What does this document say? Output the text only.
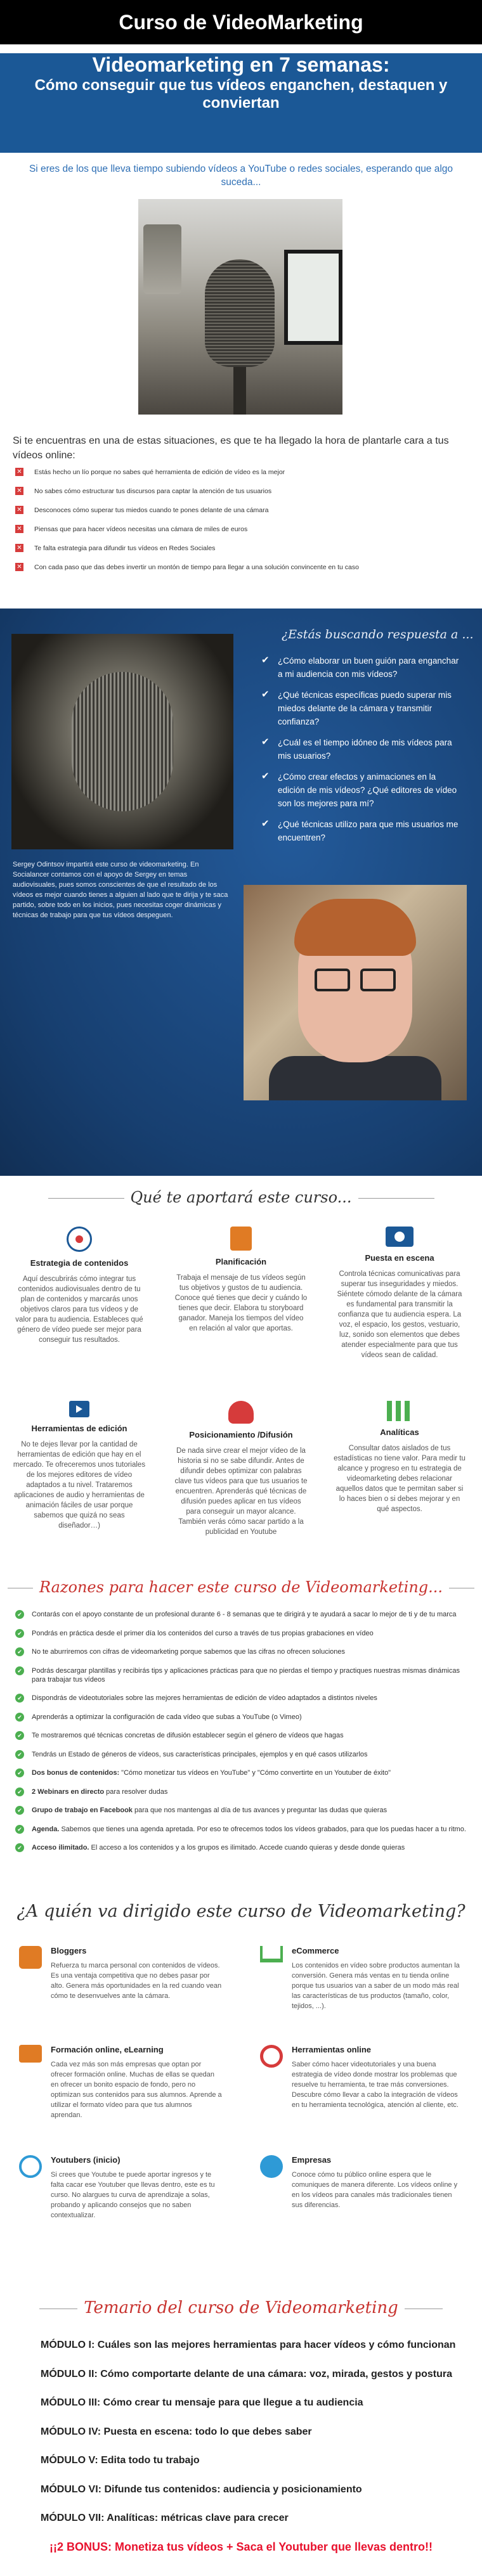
Curso de VideoMarketing
Videomarketing en 7 semanas:
Cómo conseguir que tus vídeos enganchen, destaquen y conviertan

Si eres de los que lleva tiempo subiendo vídeos a YouTube o redes sociales, esperando que algo suceda...

Si te encuentras en una de estas situaciones, es que te ha llegado la hora de plantarle cara a tus vídeos online:

✕ Estás hecho un lío porque no sabes qué herramienta de edición de vídeo es la mejor
✕ No sabes cómo estructurar tus discursos para captar la atención de tus usuarios
✕ Desconoces cómo superar tus miedos cuando te pones delante de una cámara
✕ Piensas que para hacer vídeos necesitas una cámara de miles de euros
✕ Te falta estrategia para difundir tus vídeos en Redes Sociales
✕ Con cada paso que das debes invertir un montón de tiempo para llegar a una solución convincente en tu caso
¿Estás buscando respuesta a ...
✔ ¿Cómo elaborar un buen guión para enganchar a mi audiencia con mis vídeos?
✔ ¿Qué técnicas específicas puedo superar mis miedos delante de la cámara y transmitir confianza?
✔ ¿Cuál es el tiempo idóneo de mis vídeos para mis usuarios?
✔ ¿Cómo crear efectos y animaciones en la edición de mis vídeos? ¿Qué editores de vídeo son los mejores para mí?
✔ ¿Qué técnicas utilizo para que mis usuarios me encuentren?

Sergey Odintsov impartirá este curso de videomarketing. En Socialancer contamos con el apoyo de Sergey en temas audiovisuales, pues somos conscientes de que el resultado de los vídeos es mejor cuando tienes a alguien al lado que te dirija y te saca partido, sobre todo en los inicios, pues necesitas coger dinámicas y técnicas de trabajo para que tus vídeos despeguen.

Qué te aportará este curso...
Estrategia de contenidos

Aquí descubrirás cómo integrar tus contenidos audiovisuales dentro de tu plan de contenidos y marcarás unos objetivos claros para tus vídeos y de valor para tu audiencia. Estableces qué género de vídeo puede ser mejor para conseguir tus resultados.

Planificación

Trabaja el mensaje de tus vídeos según tus objetivos y gustos de tu audiencia. Conoce qué tienes que decir y cuándo lo tienes que decir. Elabora tu storyboard ganador. Maneja los tiempos del vídeo en relación al valor que aportas.

Puesta en escena

Controla técnicas comunicativas para superar tus inseguridades y miedos. Siéntete cómodo delante de la cámara es fundamental para transmitir la confianza que tu audiencia espera. La voz, el espacio, los gestos, vestuario, luz, sonido son elementos que debes atender especialmente para que tus vídeos sean de calidad.

Herramientas de edición

No te dejes llevar por la cantidad de herramientas de edición que hay en el mercado. Te ofreceremos unos tutoriales de los mejores editores de vídeo adaptados a tu nivel. Trataremos aplicaciones de audio y herramientas de animación fáciles de usar porque sabemos que quizá no seas diseñador…)

Posicionamiento /Difusión

De nada sirve crear el mejor vídeo de la historia si no se sabe difundir. Antes de difundir debes optimizar con palabras clave tus vídeos para que tus usuarios te encuentren. Aprenderás qué técnicas de difusión puedes aplicar en tus vídeos para conseguir un mayor alcance. También verás cómo sacar partido a la publicidad en Youtube

Analíticas

Consultar datos aislados de tus estadísticas no tiene valor. Para medir tu alcance y progreso en tu estrategia de videomarketing debes relacionar aquellos datos que te permitan saber si lo haces bien o si debes mejorar y en qué aspectos.

Razones para hacer este curso de Videomarketing...
✔ Contarás con el apoyo constante de un profesional durante 6 - 8 semanas que te dirigirá y te ayudará a sacar lo mejor de ti y de tu marca
✔ Pondrás en práctica desde el primer día los contenidos del curso a través de tus propias grabaciones en vídeo
✔ No te aburriremos con cifras de videomarketing porque sabemos que las cifras no ofrecen soluciones
✔ Podrás descargar plantillas y recibirás tips y aplicaciones prácticas para que no pierdas el tiempo y practiques nuestras mismas dinámicas para trabajar tus vídeos
✔ Dispondrás de videotutoriales sobre las mejores herramientas de edición de vídeo adaptados a distintos niveles
✔ Aprenderás a optimizar la configuración de cada vídeo que subas a YouTube (o Vimeo)
✔ Te mostraremos qué técnicas concretas de difusión establecer según el género de vídeos que hagas
✔ Tendrás un Estado de géneros de vídeos, sus características principales, ejemplos y en qué casos utilizarlos
✔ Dos bonus de contenidos: "Cómo monetizar tus vídeos en YouTube" y "Cómo convertirte en un Youtuber de éxito"
✔ 2 Webinars en directo para resolver dudas
✔ Grupo de trabajo en Facebook para que nos mantengas al día de tus avances y preguntar las dudas que quieras
✔ Agenda. Sabemos que tienes una agenda apretada. Por eso te ofrecemos todos los vídeos grabados, para que los puedas hacer a tu ritmo.
✔ Acceso ilimitado. El acceso a los contenidos y a los grupos es ilimitado. Accede cuando quieras y desde donde quieras
¿A quién va dirigido este curso de Videomarketing?
Bloggers

Refuerza tu marca personal con contenidos de vídeos. Es una ventaja competitiva que no debes pasar por alto. Genera más oportunidades en la red cuando vean cómo te desenvuelves ante la cámara.

eCommerce

Los contenidos en vídeo sobre productos aumentan la conversión. Genera más ventas en tu tienda online porque tus usuarios van a saber de un modo más real las características de tus productos (tamaño, color, tejidos, ...).

Formación online, eLearning

Cada vez más son más empresas que optan por ofrecer formación online. Muchas de ellas se quedan en ofrecer un bonito espacio de fondo, pero no optimizan sus contenidos para sus alumnos. Aprende a utilizar el formato vídeo para que tus alumnos aprendan.

Herramientas online

Saber cómo hacer videotutoriales y una buena estrategia de vídeo donde mostrar los problemas que resuelve tu herramienta, te trae más conversiones. Descubre cómo llevar a cabo la integración de vídeos en tu herramienta tecnológica, atención al cliente, etc.

Youtubers (inicio)

Si crees que Youtube te puede aportar ingresos y te falta cacar ese Youtuber que llevas dentro, este es tu curso. No alargues tu curva de aprendizaje a solas, probando y aplicando consejos que no saben contextualizar.

Empresas

Conoce cómo tu público online espera que le comuniques de manera diferente. Los vídeos online y en los vídeos para canales más tradicionales tienen sus diferencias.

Temario del curso de Videomarketing
MÓDULO I: Cuáles son las mejores herramientas para hacer vídeos y cómo funcionan
MÓDULO II: Cómo comportarte delante de una cámara: voz, mirada, gestos y postura
MÓDULO III: Cómo crear tu mensaje para que llegue a tu audiencia
MÓDULO IV: Puesta en escena: todo lo que debes saber
MÓDULO V: Edita todo tu trabajo
MÓDULO VI: Difunde tus contenidos: audiencia y posicionamiento
MÓDULO VII: Analíticas: métricas clave para crecer
¡¡2 BONUS: Monetiza tus vídeos + Saca el Youtuber que llevas dentro!!
